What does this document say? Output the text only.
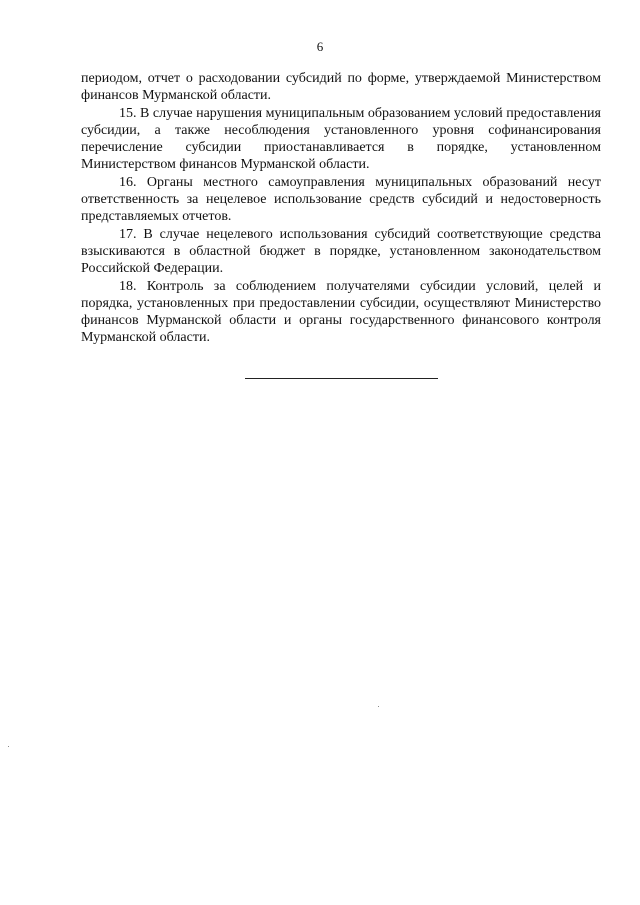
6

периодом, отчет о расходовании субсидий по форме, утверждаемой Министерством финансов Мурманской области.

15. В случае нарушения муниципальным образованием условий предоставления субсидии, а также несоблюдения установленного уровня софинансирования перечисление субсидии приостанавливается в порядке, установленном Министерством финансов Мурманской области.

16. Органы местного самоуправления муниципальных образований несут ответственность за нецелевое использование средств субсидий и недостоверность представляемых отчетов.

17. В случае нецелевого использования субсидий соответствующие средства взыскиваются в областной бюджет в порядке, установленном законодательством Российской Федерации.

18. Контроль за соблюдением получателями субсидии условий, целей и порядка, установленных при предоставлении субсидии, осуществляют Министерство финансов Мурманской области и органы государственного финансового контроля Мурманской области.
